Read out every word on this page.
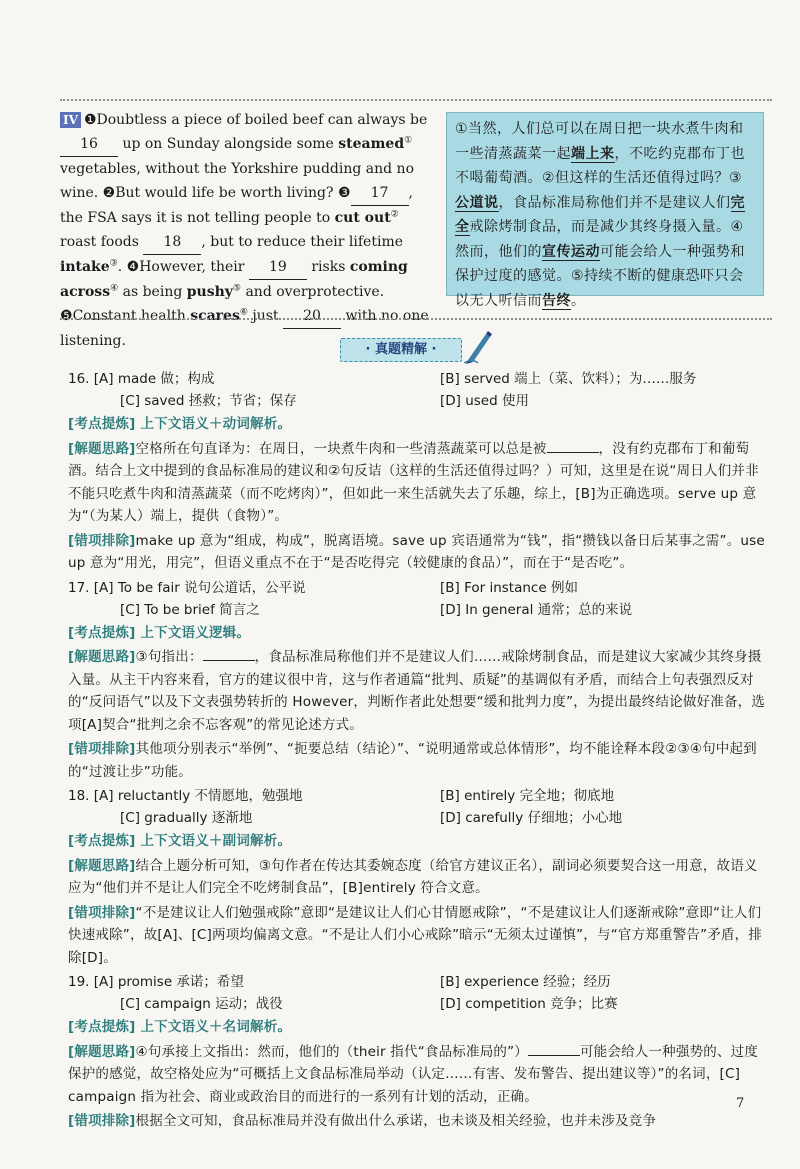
IV ❶Doubtless a piece of boiled beef can always be16 up on Sunday alongside some steamed① vegetables, without the Yorkshire pudding and no wine. ❷But would life be worth living? ❸ 17 , the FSA says it is not telling people to cut out② roast foods 18 , but to reduce their lifetime intake③. ❹However, their 19 risks coming across④ as being pushy⑤ and overprotective. ❺Constant health scares⑥ just 20 with no one listening.
①当然，人们总可以在周日把一块水煮牛肉和一些清蒸蔬菜一起端上来，不吃约克郡布丁也不喝葡萄酒。②但这样的生活还值得过吗？③公道说，食品标准局称他们并不是建议人们完全戒除烤制食品，而是减少其终身摄入量。④然而，他们的宣传运动可能会给人一种强势和保护过度的感觉。⑤持续不断的健康恐吓只会以无人听信而告终。
· 真题精解 ·
16. [A] made 做；构成	[B] served 端上（菜、饮料）；为……服务
[C] saved 拯救；节省；保存	[D] used 使用
[考点提炼] 上下文语义＋动词解析。
[解题思路]空格所在句直译为：在周日，一块煮牛肉和一些清蒸蔬菜可以总是被	，没有约克郡布丁和葡萄酒。结合上文中提到的食品标准局的建议和②句反诘（这样的生活还值得过吗？）可知，这里是在说“周日人们并非不能只吃煮牛肉和清蒸蔬菜（而不吃烤肉）”，但如此一来生活就失去了乐趣，综上，[B]为正确选项。serve up 意为“（为某人）端上，提供（食物）”。
[错项排除]make up 意为“组成，构成”，脱离语境。save up 宾语通常为“钱”，指“攒钱以备日后某事之需”。use up 意为“用光，用完”，但语义重点不在于“是否吃得完（较健康的食品）”，而在于“是否吃”。
17. [A] To be fair 说句公道话，公平说	[B] For instance 例如
[C] To be brief 简言之	[D] In general 通常；总的来说
[考点提炼] 上下文语义逻辑。
[解题思路]③句指出：	，食品标准局称他们并不是建议人们……戒除烤制食品，而是建议大家减少其终身摄入量。从主干内容来看，官方的建议很中肯，这与作者通篇“批判、质疑”的基调似有矛盾，而结合上句表强烈反对的“反问语气”以及下文表强势转折的 However，判断作者此处想要“缓和批判力度”，为提出最终结论做好准备，选项[A]契合“批判之余不忘客观”的常见论述方式。
[错项排除]其他项分别表示“举例”、“扼要总结（结论）”、“说明通常或总体情形”，均不能诠释本段②③④句中起到的“过渡让步”功能。
18. [A] reluctantly 不情愿地，勉强地	[B] entirely 完全地；彻底地
[C] gradually 逐渐地	[D] carefully 仔细地；小心地
[考点提炼] 上下文语义＋副词解析。
[解题思路]结合上题分析可知，③句作者在传达其委婉态度（给官方建议正名），副词必须要契合这一用意，故语义应为“他们并不是让人们完全不吃烤制食品”，[B]entirely 符合文意。
[错项排除]“不是建议让人们勉强戒除”意即“是建议让人们心甘情愿戒除”，“不是建议让人们逐渐戒除”意即“让人们快速戒除”，故[A]、[C]两项均偏离文意。“不是让人们小心戒除”暗示“无须太过谨慎”，与“官方郑重警告”矛盾，排除[D]。
19. [A] promise 承诺；希望	[B] experience 经验；经历
[C] campaign 运动；战役	[D] competition 竞争；比赛
[考点提炼] 上下文语义＋名词解析。
[解题思路]④句承接上文指出：然而，他们的（their 指代“食品标准局的”）	可能会给人一种强势的、过度保护的感觉，故空格处应为“可概括上文食品标准局举动（认定……有害、发布警告、提出建议等）”的名词，[C] campaign 指为社会、商业或政治目的而进行的一系列有计划的活动，正确。
[错项排除]根据全文可知，食品标准局并没有做出什么承诺，也未谈及相关经验，也并未涉及竞争
7
